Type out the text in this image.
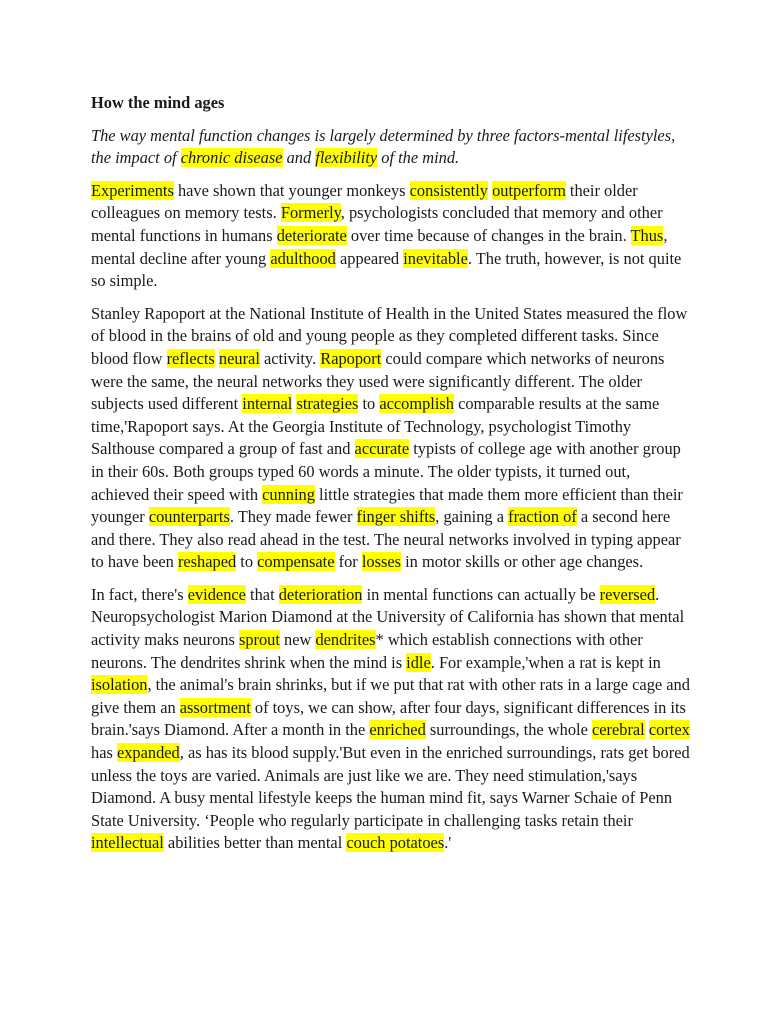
How the mind ages
The way mental function changes is largely determined by three factors-mental lifestyles, the impact of chronic disease and flexibility of the mind.
Experiments have shown that younger monkeys consistently outperform their older colleagues on memory tests. Formerly, psychologists concluded that memory and other mental functions in humans deteriorate over time because of changes in the brain. Thus, mental decline after young adulthood appeared inevitable. The truth, however, is not quite so simple.
Stanley Rapoport at the National Institute of Health in the United States measured the flow of blood in the brains of old and young people as they completed different tasks. Since blood flow reflects neural activity. Rapoport could compare which networks of neurons were the same, the neural networks they used were significantly different. The older subjects used different internal strategies to accomplish comparable results at the same time,'Rapoport says. At the Georgia Institute of Technology, psychologist Timothy Salthouse compared a group of fast and accurate typists of college age with another group in their 60s. Both groups typed 60 words a minute. The older typists, it turned out, achieved their speed with cunning little strategies that made them more efficient than their younger counterparts. They made fewer finger shifts, gaining a fraction of a second here and there. They also read ahead in the test. The neural networks involved in typing appear to have been reshaped to compensate for losses in motor skills or other age changes.
In fact, there's evidence that deterioration in mental functions can actually be reversed. Neuropsychologist Marion Diamond at the University of California has shown that mental activity maks neurons sprout new dendrites* which establish connections with other neurons. The dendrites shrink when the mind is idle. For example,'when a rat is kept in isolation, the animal's brain shrinks, but if we put that rat with other rats in a large cage and give them an assortment of toys, we can show, after four days, significant differences in its brain.'says Diamond. After a month in the enriched surroundings, the whole cerebral cortex has expanded, as has its blood supply.'But even in the enriched surroundings, rats get bored unless the toys are varied. Animals are just like we are. They need stimulation,'says Diamond. A busy mental lifestyle keeps the human mind fit, says Warner Schaie of Penn State University. ‘People who regularly participate in challenging tasks retain their intellectual abilities better than mental couch potatoes.'
